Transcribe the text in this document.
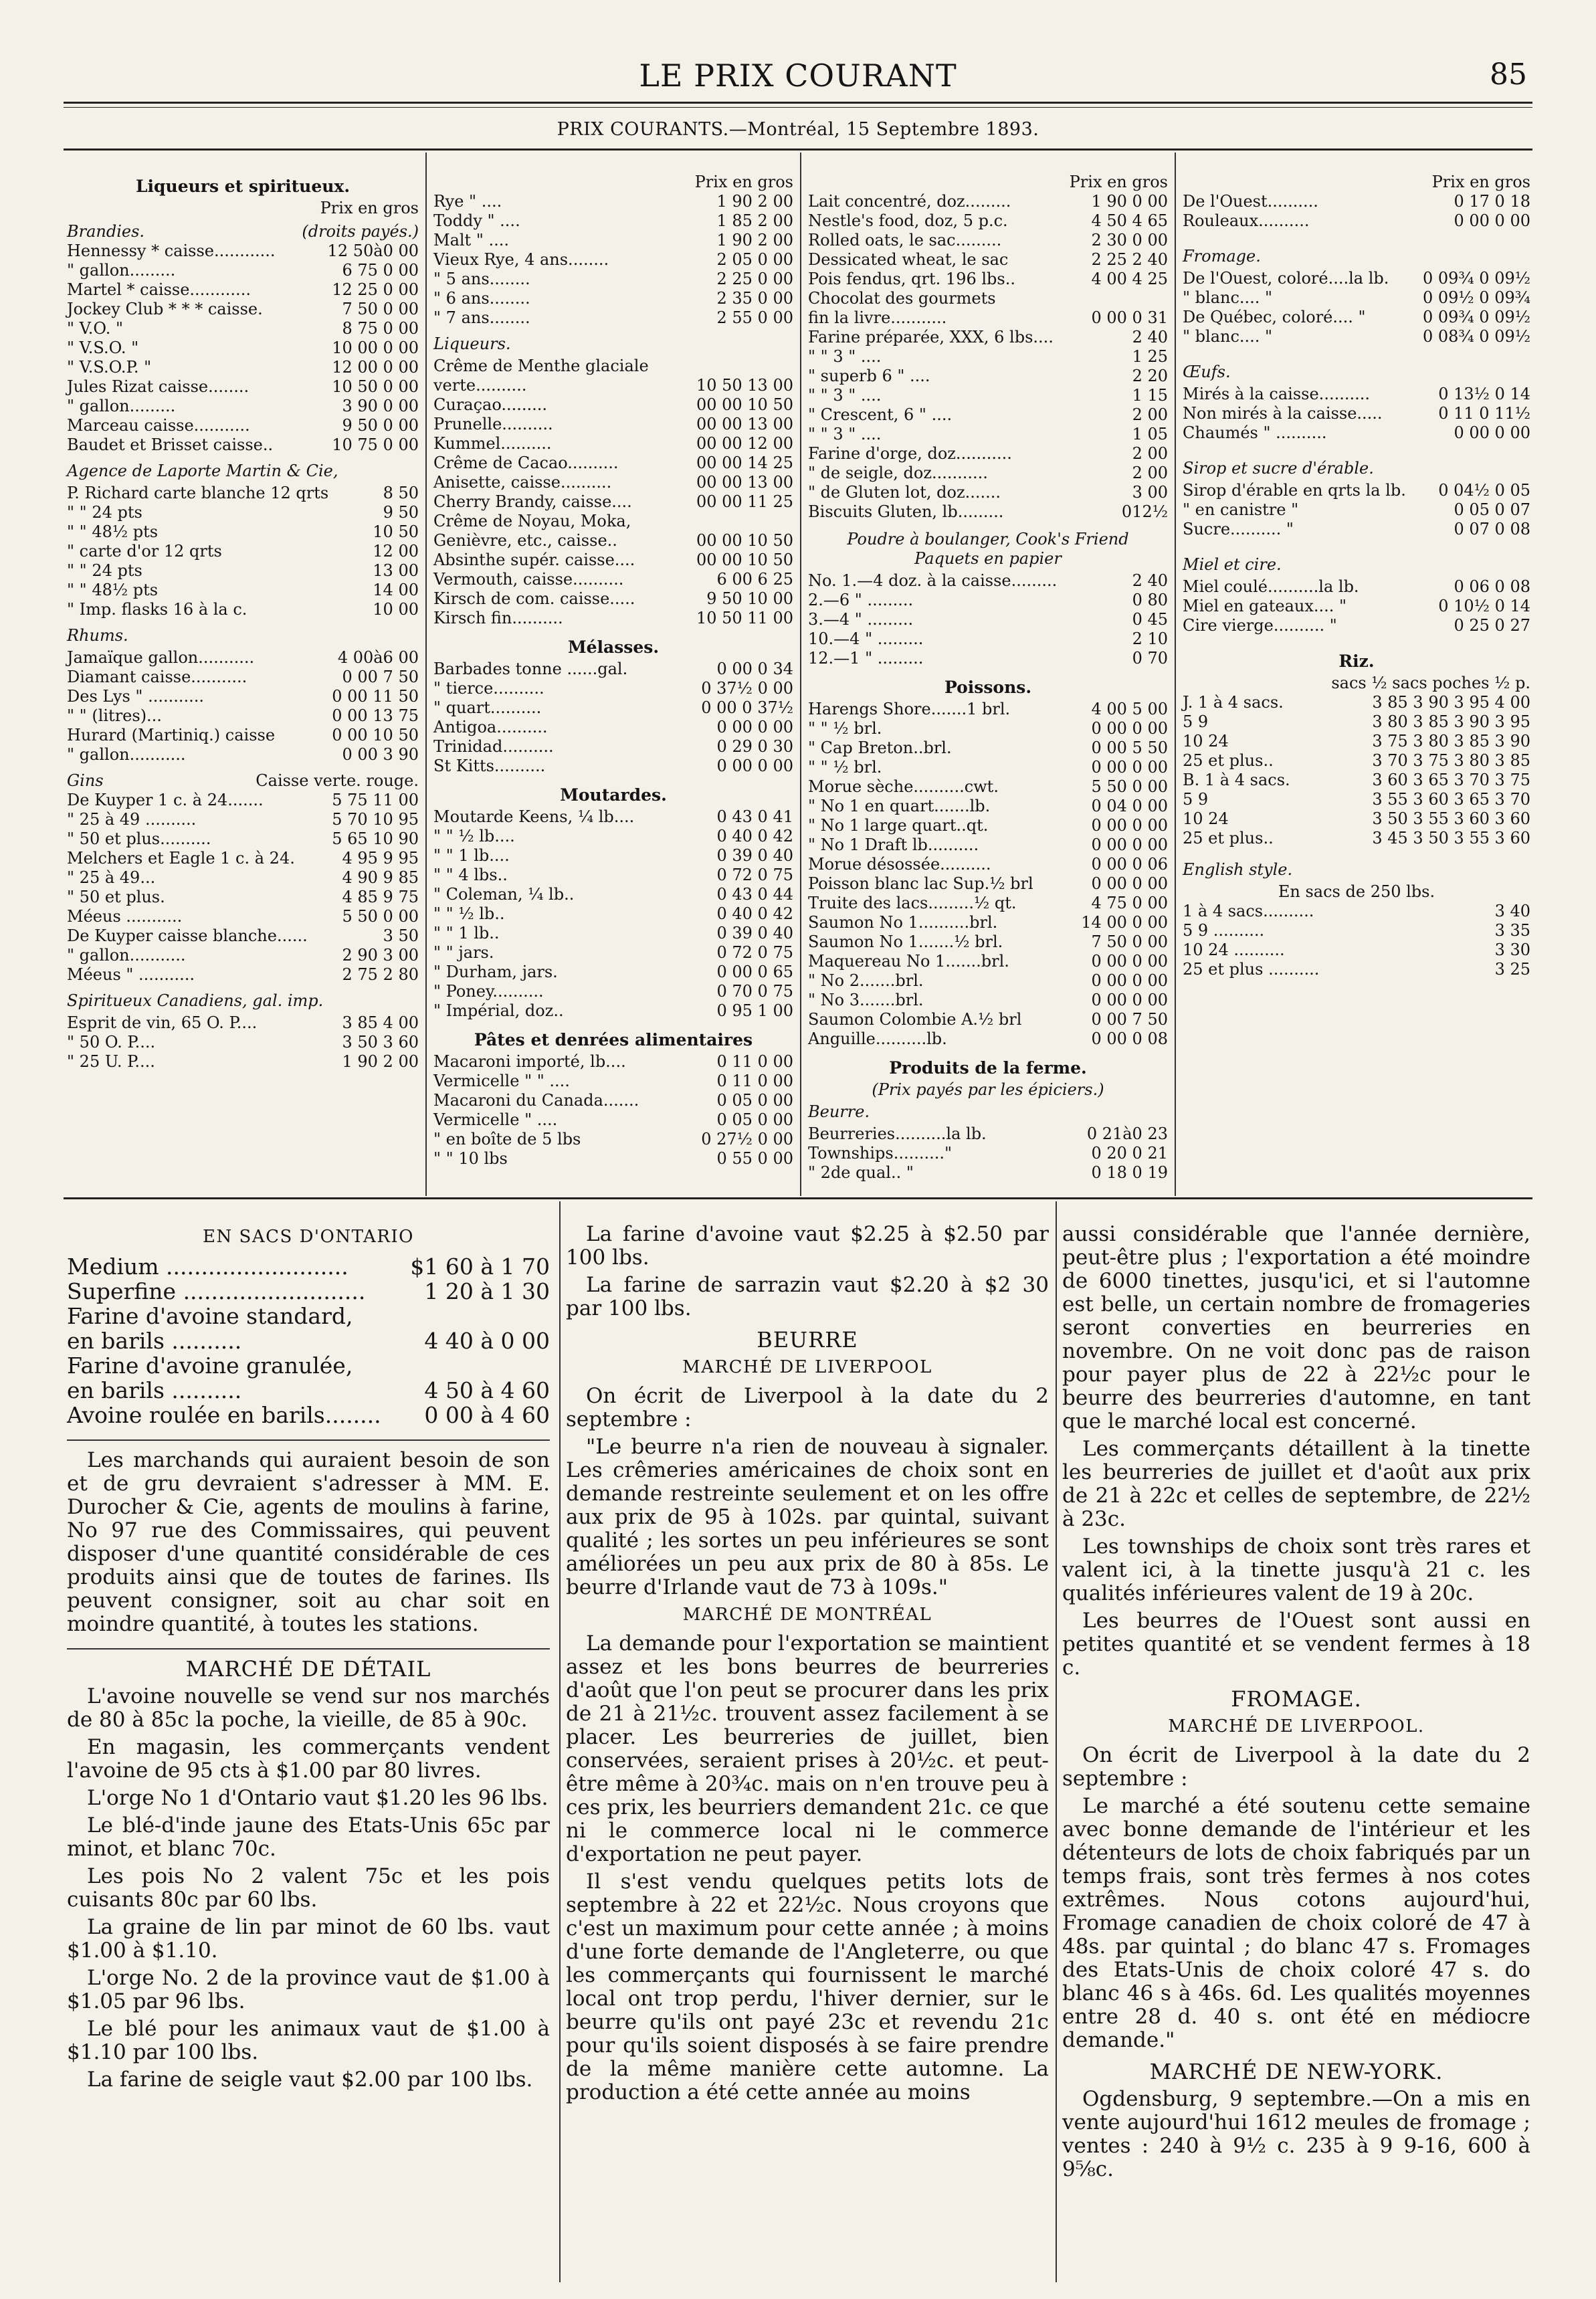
LE PRIX COURANT	85
PRIX COURANTS.—Montréal, 15 Septembre 1893.
Liqueurs et spiritueux.
Prix en gros
Brandies.	(droits payés.)
Hennessy * caisse............	12 50à0 00
" gallon.........	6 75 0 00
Martel * caisse............	12 25 0 00
Jockey Club * * * caisse.	7 50 0 00
" V.O. "	8 75 0 00
" V.S.O. "	10 00 0 00
" V.S.O.P. "	12 00 0 00
Jules Rizat caisse........	10 50 0 00
" gallon.........	3 90 0 00
Marceau caisse...........	9 50 0 00
Baudet et Brisset caisse..	10 75 0 00
Agence de Laporte Martin & Cie,
P. Richard carte blanche 12 qrts	8 50
" " 24 pts	9 50
" " 48½ pts	10 50
" carte d'or 12 qrts	12 00
" " 24 pts	13 00
" " 48½ pts	14 00
" Imp. flasks 16 à la c.	10 00
Rhums.
Jamaïque gallon...........	4 00à6 00
Diamant caisse...........	0 00 7 50
Des Lys " ...........	0 00 11 50
" " (litres)...	0 00 13 75
Hurard (Martiniq.) caisse	0 00 10 50
" gallon...........	0 00 3 90
Gins	Caisse verte. rouge.
De Kuyper 1 c. à 24.......	5 75 11 00
" 25 à 49 ..........	5 70 10 95
" 50 et plus..........	5 65 10 90
Melchers et Eagle 1 c. à 24.	4 95 9 95
" 25 à 49...	4 90 9 85
" 50 et plus.	4 85 9 75
Méeus ...........	5 50 0 00
De Kuyper caisse blanche......	3 50
" gallon...........	2 90 3 00
Méeus " ...........	2 75 2 80
Spiritueux Canadiens, gal. imp.
Esprit de vin, 65 O. P....	3 85 4 00
" 50 O. P....	3 50 3 60
" 25 U. P....	1 90 2 00
Prix en gros
Rye " ....	1 90 2 00
Toddy " ....	1 85 2 00
Malt " ....	1 90 2 00
Vieux Rye, 4 ans........	2 05 0 00
" 5 ans........	2 25 0 00
" 6 ans........	2 35 0 00
" 7 ans........	2 55 0 00
Liqueurs.
Crême de Menthe glaciale
verte..........	10 50 13 00
Curaçao.........	00 00 10 50
Prunelle..........	00 00 13 00
Kummel..........	00 00 12 00
Crême de Cacao..........	00 00 14 25
Anisette, caisse..........	00 00 13 00
Cherry Brandy, caisse....	00 00 11 25
Crême de Noyau, Moka,
Genièvre, etc., caisse..	00 00 10 50
Absinthe supér. caisse....	00 00 10 50
Vermouth, caisse..........	6 00 6 25
Kirsch de com. caisse.....	9 50 10 00
Kirsch fin..........	10 50 11 00
Mélasses.
Barbades tonne ......gal.	0 00 0 34
" tierce..........	0 37½ 0 00
" quart..........	0 00 0 37½
Antigoa..........	0 00 0 00
Trinidad..........	0 29 0 30
St Kitts..........	0 00 0 00
Moutardes.
Moutarde Keens, ¼ lb....	0 43 0 41
" " ½ lb....	0 40 0 42
" " 1 lb....	0 39 0 40
" " 4 lbs..	0 72 0 75
" Coleman, ¼ lb..	0 43 0 44
" " ½ lb..	0 40 0 42
" " 1 lb..	0 39 0 40
" " jars.	0 72 0 75
" Durham, jars.	0 00 0 65
" Poney..........	0 70 0 75
" Impérial, doz..	0 95 1 00
Pâtes et denrées alimentaires
Macaroni importé, lb....	0 11 0 00
Vermicelle " " ....	0 11 0 00
Macaroni du Canada.......	0 05 0 00
Vermicelle " ....	0 05 0 00
" en boîte de 5 lbs	0 27½ 0 00
" " 10 lbs	0 55 0 00
Prix en gros
Lait concentré, doz.........	1 90 0 00
Nestle's food, doz, 5 p.c.	4 50 4 65
Rolled oats, le sac.........	2 30 0 00
Dessicated wheat, le sac	2 25 2 40
Pois fendus, qrt. 196 lbs..	4 00 4 25
Chocolat des gourmets
fin la livre...........	0 00 0 31
Farine préparée, XXX, 6 lbs....	2 40
" " 3 " ....	1 25
" superb 6 " ....	2 20
" " 3 " ....	1 15
" Crescent, 6 " ....	2 00
" " 3 " ....	1 05
Farine d'orge, doz...........	2 00
" de seigle, doz...........	2 00
" de Gluten lot, doz.......	3 00
Biscuits Gluten, lb.........	012½
Poudre à boulanger, Cook's Friend
Paquets en papier
No. 1.—4 doz. à la caisse.........	2 40
2.—6 " .........	0 80
3.—4 " .........	0 45
10.—4 " .........	2 10
12.—1 " .........	0 70
Poissons.
Harengs Shore.......1 brl.	4 00 5 00
" " ½ brl.	0 00 0 00
" Cap Breton..brl.	0 00 5 50
" " ½ brl.	0 00 0 00
Morue sèche..........cwt.	5 50 0 00
" No 1 en quart.......lb.	0 04 0 00
" No 1 large quart..qt.	0 00 0 00
" No 1 Draft lb..........	0 00 0 00
Morue désossée..........	0 00 0 06
Poisson blanc lac Sup.½ brl	0 00 0 00
Truite des lacs.........½ qt.	4 75 0 00
Saumon No 1..........brl.	14 00 0 00
Saumon No 1.......½ brl.	7 50 0 00
Maquereau No 1.......brl.	0 00 0 00
" No 2.......brl.	0 00 0 00
" No 3.......brl.	0 00 0 00
Saumon Colombie A.½ brl	0 00 7 50
Anguille..........lb.	0 00 0 08
Produits de la ferme.
(Prix payés par les épiciers.)
Beurre.
Beurreries..........la lb.	0 21à0 23
Townships.........."	0 20 0 21
" 2de qual.. "	0 18 0 19
Prix en gros
De l'Ouest..........	0 17 0 18
Rouleaux..........	0 00 0 00
Fromage.
De l'Ouest, coloré....la lb.	0 09¾ 0 09½
" blanc.... "	0 09½ 0 09¾
De Québec, coloré.... "	0 09¾ 0 09½
" blanc.... "	0 08¾ 0 09½
Œufs.
Mirés à la caisse..........	0 13½ 0 14
Non mirés à la caisse.....	0 11 0 11½
Chaumés " ..........	0 00 0 00
Sirop et sucre d'érable.
Sirop d'érable en qrts la lb.	0 04½ 0 05
" en canistre "	0 05 0 07
Sucre.......... "	0 07 0 08
Miel et cire.
Miel coulé..........la lb.	0 06 0 08
Miel en gateaux.... "	0 10½ 0 14
Cire vierge.......... "	0 25 0 27
Riz.
sacs ½ sacs poches ½ p.
J. 1 à 4 sacs.	3 85 3 90 3 95 4 00
5 9	3 80 3 85 3 90 3 95
10 24	3 75 3 80 3 85 3 90
25 et plus..	3 70 3 75 3 80 3 85
B. 1 à 4 sacs.	3 60 3 65 3 70 3 75
5 9	3 55 3 60 3 65 3 70
10 24	3 50 3 55 3 60 3 60
25 et plus..	3 45 3 50 3 55 3 60
English style.
En sacs de 250 lbs.
1 à 4 sacs..........	3 40
5 9 ..........	3 35
10 24 ..........	3 30
25 et plus ..........	3 25
EN SACS D'ONTARIO
Medium ..........................	$1 60 à 1 70
Superfine ..........................	1 20 à 1 30
Farine d'avoine standard,
en barils ..........	4 40 à 0 00
Farine d'avoine granulée,
en barils ..........	4 50 à 4 60
Avoine roulée en barils........	0 00 à 4 60

Les marchands qui auraient besoin de son et de gru devraient s'adresser à MM. E. Durocher & Cie, agents de moulins à farine, No 97 rue des Commissaires, qui peuvent disposer d'une quantité considérable de ces produits ainsi que de toutes de farines. Ils peuvent consigner, soit au char soit en moindre quantité, à toutes les stations.

MARCHÉ DE DÉTAIL

L'avoine nouvelle se vend sur nos marchés de 80 à 85c la poche, la vieille, de 85 à 90c.

En magasin, les commerçants vendent l'avoine de 95 cts à $1.00 par 80 livres.

L'orge No 1 d'Ontario vaut $1.20 les 96 lbs.

Le blé-d'inde jaune des Etats-Unis 65c par minot, et blanc 70c.

Les pois No 2 valent 75c et les pois cuisants 80c par 60 lbs.

La graine de lin par minot de 60 lbs. vaut $1.00 à $1.10.

L'orge No. 2 de la province vaut de $1.00 à $1.05 par 96 lbs.

Le blé pour les animaux vaut de $1.00 à $1.10 par 100 lbs.

La farine de seigle vaut $2.00 par 100 lbs.

La farine d'avoine vaut $2.25 à $2.50 par 100 lbs.

La farine de sarrazin vaut $2.20 à $2 30 par 100 lbs.

BEURRE

MARCHÉ DE LIVERPOOL

On écrit de Liverpool à la date du 2 septembre :

"Le beurre n'a rien de nouveau à signaler. Les crêmeries américaines de choix sont en demande restreinte seulement et on les offre aux prix de 95 à 102s. par quintal, suivant qualité ; les sortes un peu inférieures se sont améliorées un peu aux prix de 80 à 85s. Le beurre d'Irlande vaut de 73 à 109s."

MARCHÉ DE MONTRÉAL

La demande pour l'exportation se maintient assez et les bons beurres de beurreries d'août que l'on peut se procurer dans les prix de 21 à 21½c. trouvent assez facilement à se placer. Les beurreries de juillet, bien conservées, seraient prises à 20½c. et peut-être même à 20¾c. mais on n'en trouve peu à ces prix, les beurriers demandent 21c. ce que ni le commerce local ni le commerce d'exportation ne peut payer.

Il s'est vendu quelques petits lots de septembre à 22 et 22½c. Nous croyons que c'est un maximum pour cette année ; à moins d'une forte demande de l'Angleterre, ou que les commerçants qui fournissent le marché local ont trop perdu, l'hiver dernier, sur le beurre qu'ils ont payé 23c et revendu 21c pour qu'ils soient disposés à se faire prendre de la même manière cette automne. La production a été cette année au moins

aussi considérable que l'année dernière, peut-être plus ; l'exportation a été moindre de 6000 tinettes, jusqu'ici, et si l'automne est belle, un certain nombre de fromageries seront converties en beurreries en novembre. On ne voit donc pas de raison pour payer plus de 22 à 22½c pour le beurre des beurreries d'automne, en tant que le marché local est concerné.

Les commerçants détaillent à la tinette les beurreries de juillet et d'août aux prix de 21 à 22c et celles de septembre, de 22½ à 23c.

Les townships de choix sont très rares et valent ici, à la tinette jusqu'à 21 c. les qualités inférieures valent de 19 à 20c.

Les beurres de l'Ouest sont aussi en petites quantité et se vendent fermes à 18 c.

FROMAGE.

MARCHÉ DE LIVERPOOL.

On écrit de Liverpool à la date du 2 septembre :

Le marché a été soutenu cette semaine avec bonne demande de l'intérieur et les détenteurs de lots de choix fabriqués par un temps frais, sont très fermes à nos cotes extrêmes. Nous cotons aujourd'hui, Fromage canadien de choix coloré de 47 à 48s. par quintal ; do blanc 47 s. Fromages des Etats-Unis de choix coloré 47 s. do blanc 46 s à 46s. 6d. Les qualités moyennes entre 28 d. 40 s. ont été en médiocre demande."

MARCHÉ DE NEW-YORK.

Ogdensburg, 9 septembre.—On a mis en vente aujourd'hui 1612 meules de fromage ; ventes : 240 à 9½ c. 235 à 9 9-16, 600 à 9⅝c.
